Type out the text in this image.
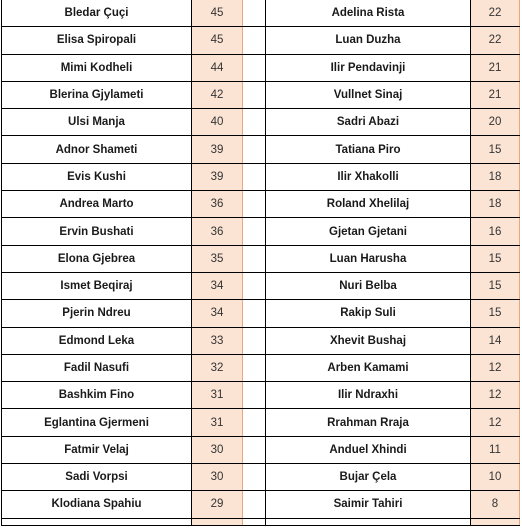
Bledar Çuçi	45		Adelina Rista	22
Elisa Spiropali	45		Luan Duzha	22
Mimi Kodheli	44		Ilir Pendavinji	21
Blerina Gjylameti	42		Vullnet Sinaj	21
Ulsi Manja	40		Sadri Abazi	20
Adnor Shameti	39		Tatiana Piro	15
Evis Kushi	39		Ilir Xhakolli	18
Andrea Marto	36		Roland Xhelilaj	18
Ervin Bushati	36		Gjetan Gjetani	16
Elona Gjebrea	35		Luan Harusha	15
Ismet Beqiraj	34		Nuri Belba	15
Pjerin Ndreu	34		Rakip Suli	15
Edmond Leka	33		Xhevit Bushaj	14
Fadil Nasufi	32		Arben Kamami	12
Bashkim Fino	31		Ilir Ndraxhi	12
Eglantina Gjermeni	31		Rrahman Rraja	12
Fatmir Velaj	30		Anduel Xhindi	11
Sadi Vorpsi	30		Bujar Çela	10
Klodiana Spahiu	29		Saimir Tahiri	8
